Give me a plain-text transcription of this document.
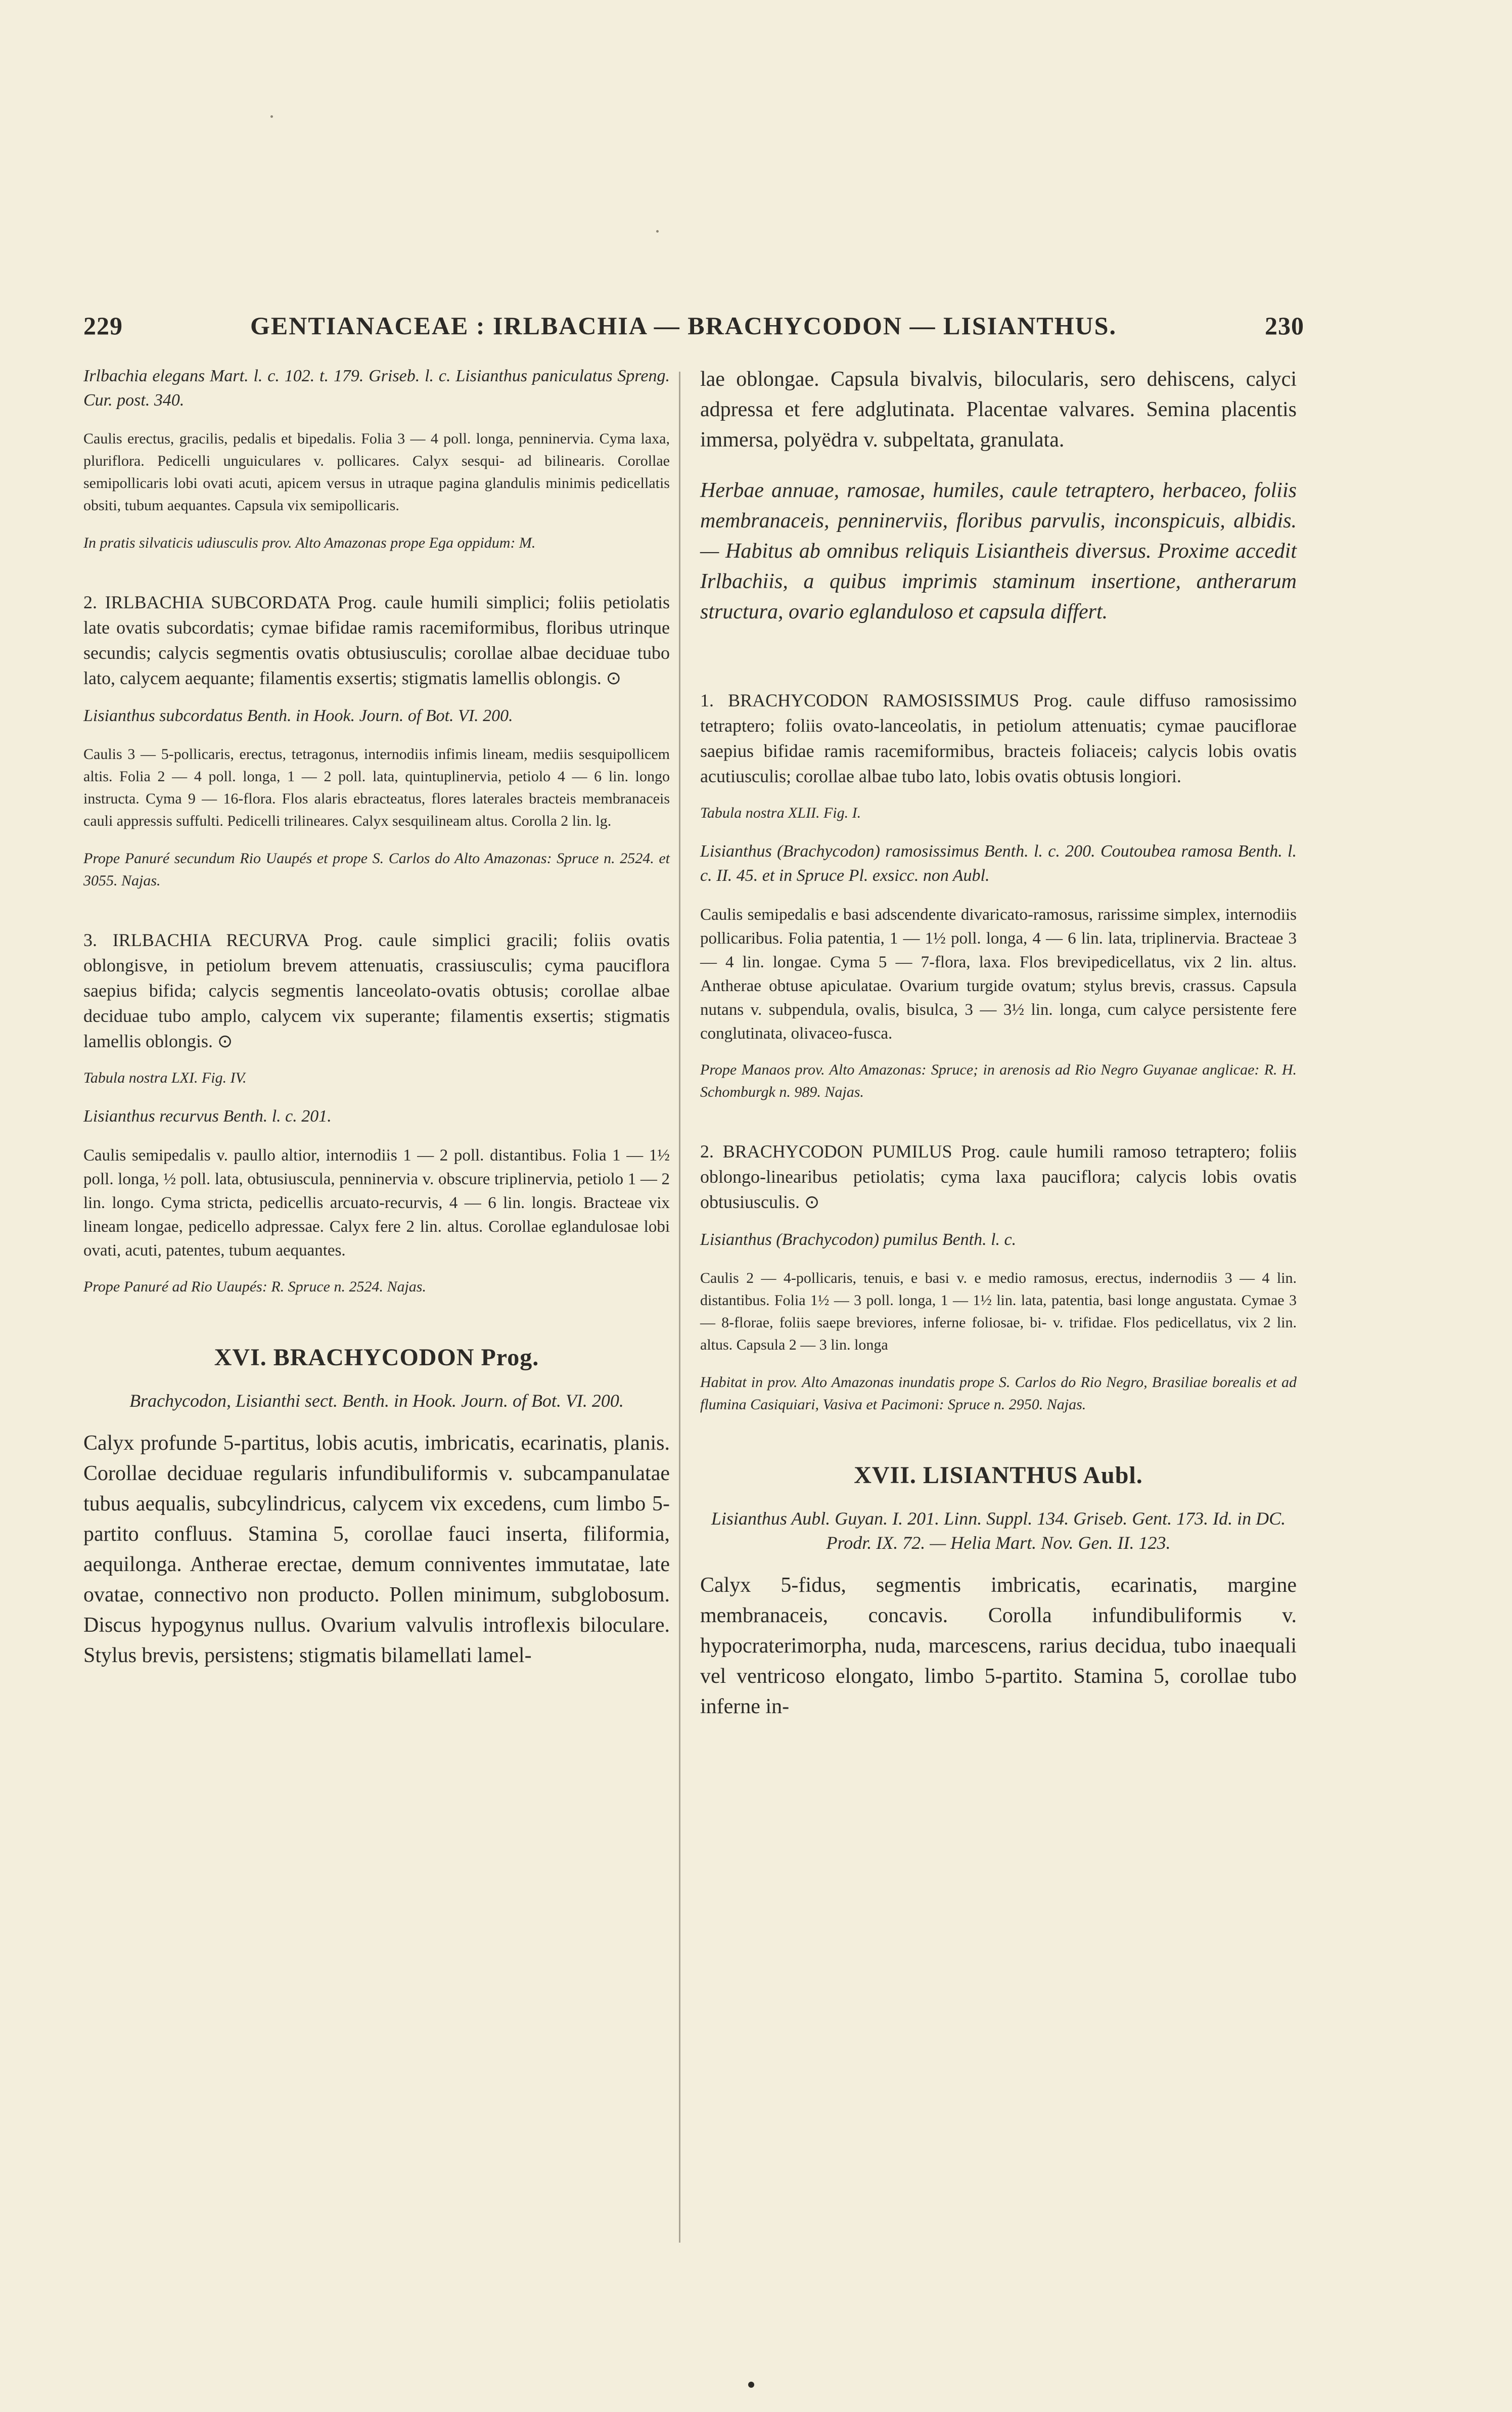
229	GENTIANACEAE : IRLBACHIA — BRACHYCODON — LISIANTHUS.	230

Irlbachia elegans Mart. l. c. 102. t. 179. Griseb. l. c. Lisianthus paniculatus Spreng. Cur. post. 340.

Caulis erectus, gracilis, pedalis et bipedalis. Folia 3 — 4 poll. longa, penninervia. Cyma laxa, pluriflora. Pedicelli unguiculares v. pollicares. Calyx sesqui- ad bilinearis. Corollae semipollicaris lobi ovati acuti, apicem versus in utraque pagina glandulis minimis pedicellatis obsiti, tubum aequantes. Capsula vix semipollicaris.

In pratis silvaticis udiusculis prov. Alto Amazonas prope Ega oppidum: M.

2. IRLBACHIA SUBCORDATA Prog. caule humili simplici; foliis petiolatis late ovatis subcordatis; cymae bifidae ramis racemiformibus, floribus utrinque secundis; calycis segmentis ovatis obtusiusculis; corollae albae deciduae tubo lato, calycem aequante; filamentis exsertis; stigmatis lamellis oblongis. ⊙

Lisianthus subcordatus Benth. in Hook. Journ. of Bot. VI. 200.

Caulis 3 — 5-pollicaris, erectus, tetragonus, internodiis infimis lineam, mediis sesquipollicem altis. Folia 2 — 4 poll. longa, 1 — 2 poll. lata, quintuplinervia, petiolo 4 — 6 lin. longo instructa. Cyma 9 — 16-flora. Flos alaris ebracteatus, flores laterales bracteis membranaceis cauli appressis suffulti. Pedicelli trilineares. Calyx sesquilineam altus. Corolla 2 lin. lg.

Prope Panuré secundum Rio Uaupés et prope S. Carlos do Alto Amazonas: Spruce n. 2524. et 3055. Najas.

3. IRLBACHIA RECURVA Prog. caule simplici gracili; foliis ovatis oblongisve, in petiolum brevem attenuatis, crassiusculis; cyma pauciflora saepius bifida; calycis segmentis lanceolato-ovatis obtusis; corollae albae deciduae tubo amplo, calycem vix superante; filamentis exsertis; stigmatis lamellis oblongis. ⊙

Tabula nostra LXI. Fig. IV.

Lisianthus recurvus Benth. l. c. 201.

Caulis semipedalis v. paullo altior, internodiis 1 — 2 poll. distantibus. Folia 1 — 1½ poll. longa, ½ poll. lata, obtusiuscula, penninervia v. obscure triplinervia, petiolo 1 — 2 lin. longo. Cyma stricta, pedicellis arcuato-recurvis, 4 — 6 lin. longis. Bracteae vix lineam longae, pedicello adpressae. Calyx fere 2 lin. altus. Corollae eglandulosae lobi ovati, acuti, patentes, tubum aequantes.

Prope Panuré ad Rio Uaupés: R. Spruce n. 2524. Najas.

XVI. BRACHYCODON Prog.

Brachycodon, Lisianthi sect. Benth. in Hook. Journ. of Bot. VI. 200.

Calyx profunde 5-partitus, lobis acutis, imbricatis, ecarinatis, planis. Corollae deciduae regularis infundibuliformis v. subcampanulatae tubus aequalis, subcylindricus, calycem vix excedens, cum limbo 5-partito confluus. Stamina 5, corollae fauci inserta, filiformia, aequilonga. Antherae erectae, demum conniventes immutatae, late ovatae, connectivo non producto. Pollen minimum, subglobosum. Discus hypogynus nullus. Ovarium valvulis introflexis biloculare. Stylus brevis, persistens; stigmatis bilamellati lamel-

lae oblongae. Capsula bivalvis, bilocularis, sero dehiscens, calyci adpressa et fere adglutinata. Placentae valvares. Semina placentis immersa, polyëdra v. subpeltata, granulata.

Herbae annuae, ramosae, humiles, caule tetraptero, herbaceo, foliis membranaceis, penninerviis, floribus parvulis, inconspicuis, albidis. — Habitus ab omnibus reliquis Lisiantheis diversus. Proxime accedit Irlbachiis, a quibus imprimis staminum insertione, antherarum structura, ovario eglanduloso et capsula differt.

1. BRACHYCODON RAMOSISSIMUS Prog. caule diffuso ramosissimo tetraptero; foliis ovato-lanceolatis, in petiolum attenuatis; cymae pauciflorae saepius bifidae ramis racemiformibus, bracteis foliaceis; calycis lobis ovatis acutiusculis; corollae albae tubo lato, lobis ovatis obtusis longiori.

Tabula nostra XLII. Fig. I.

Lisianthus (Brachycodon) ramosissimus Benth. l. c. 200. Coutoubea ramosa Benth. l. c. II. 45. et in Spruce Pl. exsicc. non Aubl.

Caulis semipedalis e basi adscendente divaricato-ramosus, rarissime simplex, internodiis pollicaribus. Folia patentia, 1 — 1½ poll. longa, 4 — 6 lin. lata, triplinervia. Bracteae 3 — 4 lin. longae. Cyma 5 — 7-flora, laxa. Flos brevipedicellatus, vix 2 lin. altus. Antherae obtuse apiculatae. Ovarium turgide ovatum; stylus brevis, crassus. Capsula nutans v. subpendula, ovalis, bisulca, 3 — 3½ lin. longa, cum calyce persistente fere conglutinata, olivaceo-fusca.

Prope Manaos prov. Alto Amazonas: Spruce; in arenosis ad Rio Negro Guyanae anglicae: R. H. Schomburgk n. 989. Najas.

2. BRACHYCODON PUMILUS Prog. caule humili ramoso tetraptero; foliis oblongo-linearibus petiolatis; cyma laxa pauciflora; calycis lobis ovatis obtusiusculis. ⊙

Lisianthus (Brachycodon) pumilus Benth. l. c.

Caulis 2 — 4-pollicaris, tenuis, e basi v. e medio ramosus, erectus, indernodiis 3 — 4 lin. distantibus. Folia 1½ — 3 poll. longa, 1 — 1½ lin. lata, patentia, basi longe angustata. Cymae 3 — 8-florae, foliis saepe breviores, inferne foliosae, bi- v. trifidae. Flos pedicellatus, vix 2 lin. altus. Capsula 2 — 3 lin. longa

Habitat in prov. Alto Amazonas inundatis prope S. Carlos do Rio Negro, Brasiliae borealis et ad flumina Casiquiari, Vasiva et Pacimoni: Spruce n. 2950. Najas.

XVII. LISIANTHUS Aubl.

Lisianthus Aubl. Guyan. I. 201. Linn. Suppl. 134. Griseb. Gent. 173. Id. in DC. Prodr. IX. 72. — Helia Mart. Nov. Gen. II. 123.

Calyx 5-fidus, segmentis imbricatis, ecarinatis, margine membranaceis, concavis. Corolla infundibuliformis v. hypocraterimorpha, nuda, marcescens, rarius decidua, tubo inaequali vel ventricoso elongato, limbo 5-partito. Stamina 5, corollae tubo inferne in-
